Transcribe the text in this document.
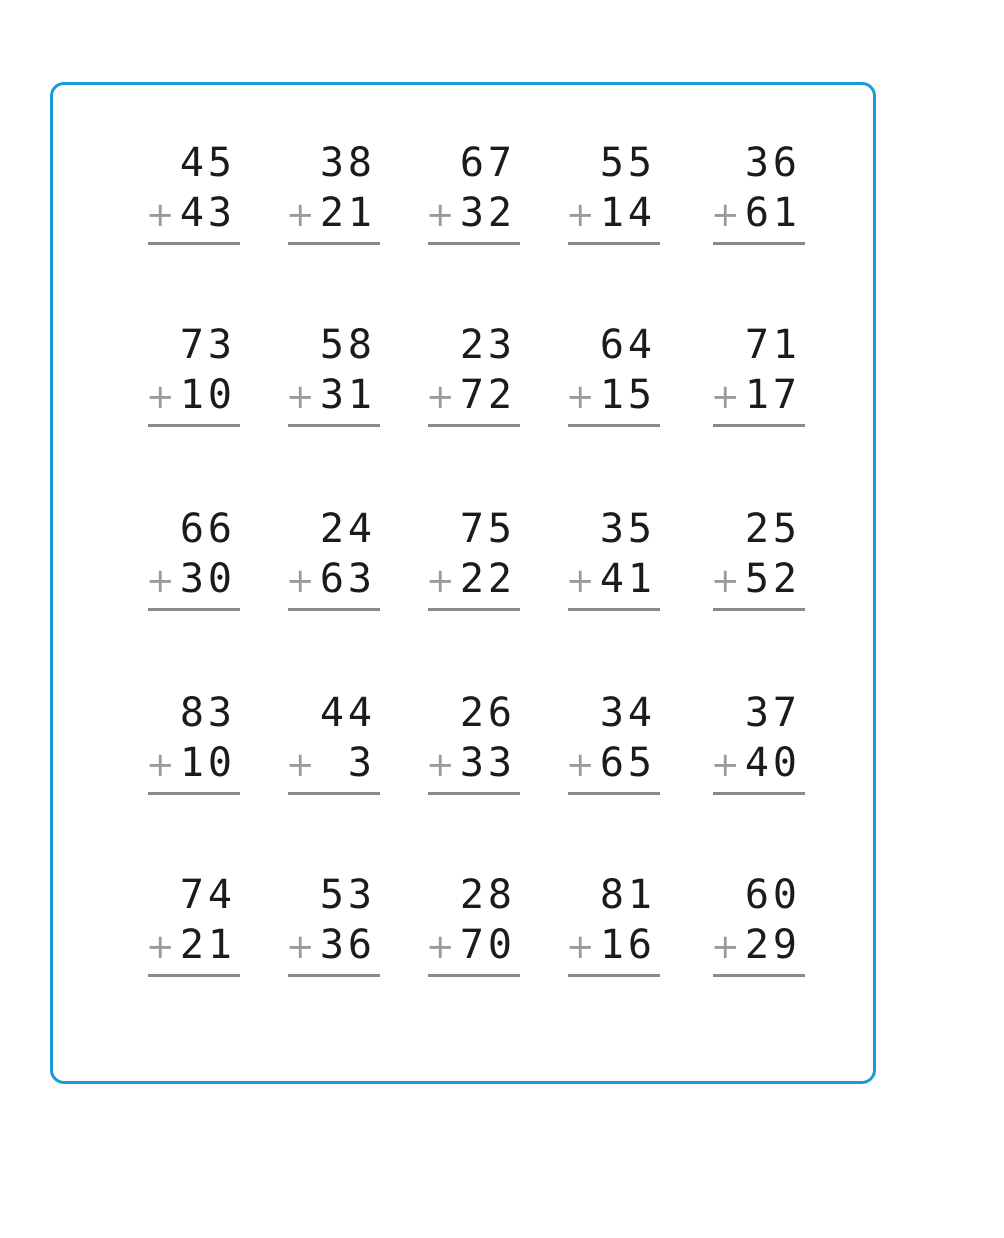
45
+ 43
38
+ 21
67
+ 32
55
+ 14
36
+ 61
73
+ 10
58
+ 31
23
+ 72
64
+ 15
71
+ 17
66
+ 30
24
+ 63
75
+ 22
35
+ 41
25
+ 52
83
+ 10
44
+ 3
26
+ 33
34
+ 65
37
+ 40
74
+ 21
53
+ 36
28
+ 70
81
+ 16
60
+ 29
